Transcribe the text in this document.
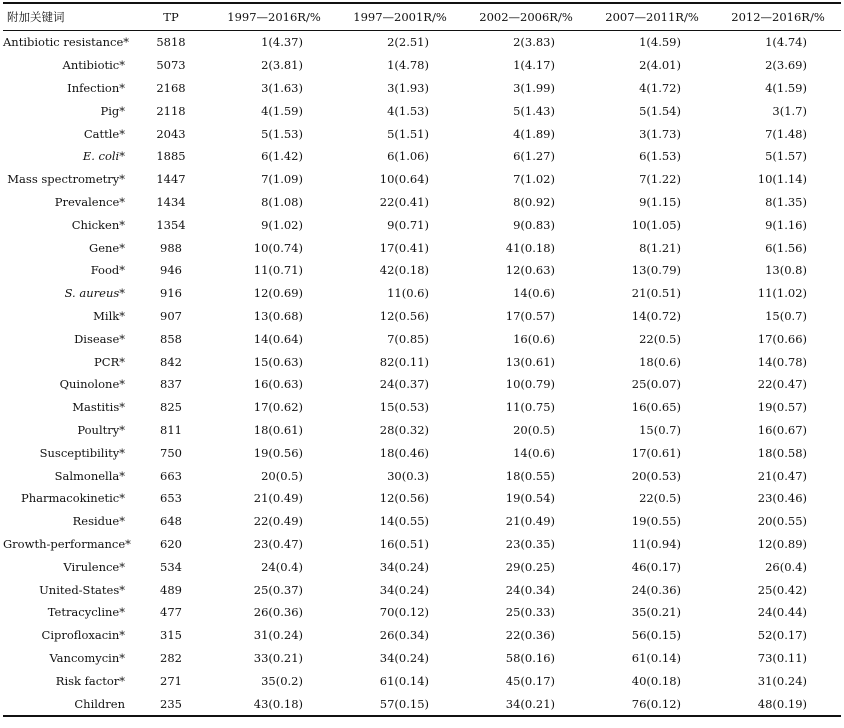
附加关键词	TP	1997—2016R/%	1997—2001R/%	2002—2006R/%	2007—2011R/%	2012—2016R/%
Antibiotic resistance*	5818	1(4.37)	2(2.51)	2(3.83)	1(4.59)	1(4.74)
Antibiotic*	5073	2(3.81)	1(4.78)	1(4.17)	2(4.01)	2(3.69)
Infection*	2168	3(1.63)	3(1.93)	3(1.99)	4(1.72)	4(1.59)
Pig*	2118	4(1.59)	4(1.53)	5(1.43)	5(1.54)	3(1.7)
Cattle*	2043	5(1.53)	5(1.51)	4(1.89)	3(1.73)	7(1.48)
E. coli*	1885	6(1.42)	6(1.06)	6(1.27)	6(1.53)	5(1.57)
Mass spectrometry*	1447	7(1.09)	10(0.64)	7(1.02)	7(1.22)	10(1.14)
Prevalence*	1434	8(1.08)	22(0.41)	8(0.92)	9(1.15)	8(1.35)
Chicken*	1354	9(1.02)	9(0.71)	9(0.83)	10(1.05)	9(1.16)
Gene*	988	10(0.74)	17(0.41)	41(0.18)	8(1.21)	6(1.56)
Food*	946	11(0.71)	42(0.18)	12(0.63)	13(0.79)	13(0.8)
S. aureus*	916	12(0.69)	11(0.6)	14(0.6)	21(0.51)	11(1.02)
Milk*	907	13(0.68)	12(0.56)	17(0.57)	14(0.72)	15(0.7)
Disease*	858	14(0.64)	7(0.85)	16(0.6)	22(0.5)	17(0.66)
PCR*	842	15(0.63)	82(0.11)	13(0.61)	18(0.6)	14(0.78)
Quinolone*	837	16(0.63)	24(0.37)	10(0.79)	25(0.07)	22(0.47)
Mastitis*	825	17(0.62)	15(0.53)	11(0.75)	16(0.65)	19(0.57)
Poultry*	811	18(0.61)	28(0.32)	20(0.5)	15(0.7)	16(0.67)
Susceptibility*	750	19(0.56)	18(0.46)	14(0.6)	17(0.61)	18(0.58)
Salmonella*	663	20(0.5)	30(0.3)	18(0.55)	20(0.53)	21(0.47)
Pharmacokinetic*	653	21(0.49)	12(0.56)	19(0.54)	22(0.5)	23(0.46)
Residue*	648	22(0.49)	14(0.55)	21(0.49)	19(0.55)	20(0.55)
Growth-performance*	620	23(0.47)	16(0.51)	23(0.35)	11(0.94)	12(0.89)
Virulence*	534	24(0.4)	34(0.24)	29(0.25)	46(0.17)	26(0.4)
United-States*	489	25(0.37)	34(0.24)	24(0.34)	24(0.36)	25(0.42)
Tetracycline*	477	26(0.36)	70(0.12)	25(0.33)	35(0.21)	24(0.44)
Ciprofloxacin*	315	31(0.24)	26(0.34)	22(0.36)	56(0.15)	52(0.17)
Vancomycin*	282	33(0.21)	34(0.24)	58(0.16)	61(0.14)	73(0.11)
Risk factor*	271	35(0.2)	61(0.14)	45(0.17)	40(0.18)	31(0.24)
Children	235	43(0.18)	57(0.15)	34(0.21)	76(0.12)	48(0.19)
